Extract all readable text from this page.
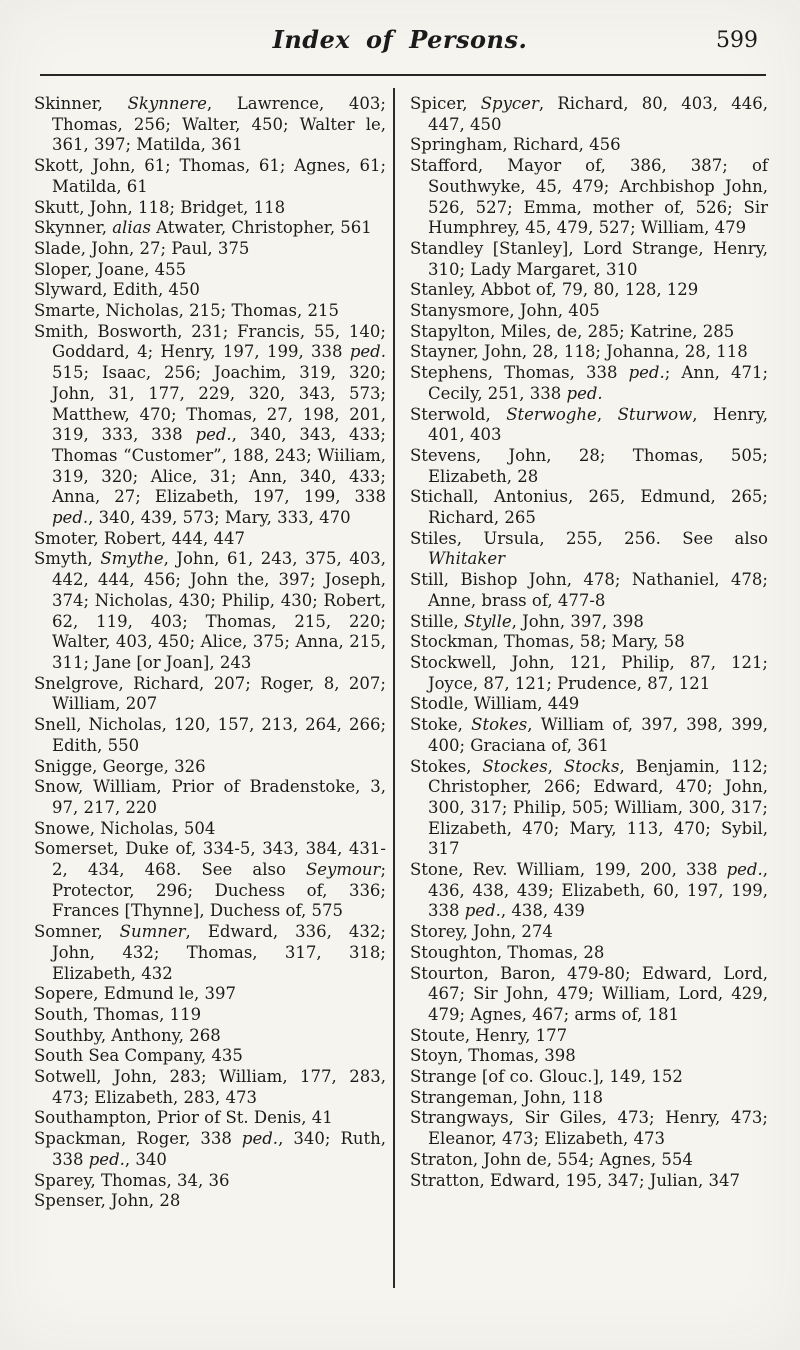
Index of Persons.	599
Skinner, Skynnere, Lawrence, 403; Thomas, 256; Walter, 450; Walter le, 361, 397; Matilda, 361
Skott, John, 61; Thomas, 61; Agnes, 61; Matilda, 61
Skutt, John, 118; Bridget, 118
Skynner, alias Atwater, Christopher, 561
Slade, John, 27; Paul, 375
Sloper, Joane, 455
Slyward, Edith, 450
Smarte, Nicholas, 215; Thomas, 215
Smith, Bosworth, 231; Francis, 55, 140; Goddard, 4; Henry, 197, 199, 338 ped. 515; Isaac, 256; Joachim, 319, 320; John, 31, 177, 229, 320, 343, 573; Matthew, 470; Thomas, 27, 198, 201, 319, 333, 338 ped., 340, 343, 433; Thomas “Customer”, 188, 243; Wiiliam, 319, 320; Alice, 31; Ann, 340, 433; Anna, 27; Elizabeth, 197, 199, 338 ped., 340, 439, 573; Mary, 333, 470
Smoter, Robert, 444, 447
Smyth, Smythe, John, 61, 243, 375, 403, 442, 444, 456; John the, 397; Joseph, 374; Nicholas, 430; Philip, 430; Robert, 62, 119, 403; Thomas, 215, 220; Walter, 403, 450; Alice, 375; Anna, 215, 311; Jane [or Joan], 243
Snelgrove, Richard, 207; Roger, 8, 207; William, 207
Snell, Nicholas, 120, 157, 213, 264, 266; Edith, 550
Snigge, George, 326
Snow, William, Prior of Bradenstoke, 3, 97, 217, 220
Snowe, Nicholas, 504
Somerset, Duke of, 334-5, 343, 384, 431-2, 434, 468. See also Seymour; Protector, 296; Duchess of, 336; Frances [Thynne], Duchess of, 575
Somner, Sumner, Edward, 336, 432; John, 432; Thomas, 317, 318; Elizabeth, 432
Sopere, Edmund le, 397
South, Thomas, 119
Southby, Anthony, 268
South Sea Company, 435
Sotwell, John, 283; William, 177, 283, 473; Elizabeth, 283, 473
Southampton, Prior of St. Denis, 41
Spackman, Roger, 338 ped., 340; Ruth, 338 ped., 340
Sparey, Thomas, 34, 36
Spenser, John, 28
Spicer, Spycer, Richard, 80, 403, 446, 447, 450
Springham, Richard, 456
Stafford, Mayor of, 386, 387; of Southwyke, 45, 479; Archbishop John, 526, 527; Emma, mother of, 526; Sir Humphrey, 45, 479, 527; William, 479
Standley [Stanley], Lord Strange, Henry, 310; Lady Margaret, 310
Stanley, Abbot of, 79, 80, 128, 129
Stanysmore, John, 405
Stapylton, Miles, de, 285; Katrine, 285
Stayner, John, 28, 118; Johanna, 28, 118
Stephens, Thomas, 338 ped.; Ann, 471; Cecily, 251, 338 ped.
Sterwold, Sterwoghe, Sturwow, Henry, 401, 403
Stevens, John, 28; Thomas, 505; Elizabeth, 28
Stichall, Antonius, 265, Edmund, 265; Richard, 265
Stiles, Ursula, 255, 256. See also Whitaker
Still, Bishop John, 478; Nathaniel, 478; Anne, brass of, 477-8
Stille, Stylle, John, 397, 398
Stockman, Thomas, 58; Mary, 58
Stockwell, John, 121, Philip, 87, 121; Joyce, 87, 121; Prudence, 87, 121
Stodle, William, 449
Stoke, Stokes, William of, 397, 398, 399, 400; Graciana of, 361
Stokes, Stockes, Stocks, Benjamin, 112; Christopher, 266; Edward, 470; John, 300, 317; Philip, 505; William, 300, 317; Elizabeth, 470; Mary, 113, 470; Sybil, 317
Stone, Rev. William, 199, 200, 338 ped., 436, 438, 439; Elizabeth, 60, 197, 199, 338 ped., 438, 439
Storey, John, 274
Stoughton, Thomas, 28
Stourton, Baron, 479-80; Edward, Lord, 467; Sir John, 479; William, Lord, 429, 479; Agnes, 467; arms of, 181
Stoute, Henry, 177
Stoyn, Thomas, 398
Strange [of co. Glouc.], 149, 152
Strangeman, John, 118
Strangways, Sir Giles, 473; Henry, 473; Eleanor, 473; Elizabeth, 473
Straton, John de, 554; Agnes, 554
Stratton, Edward, 195, 347; Julian, 347
